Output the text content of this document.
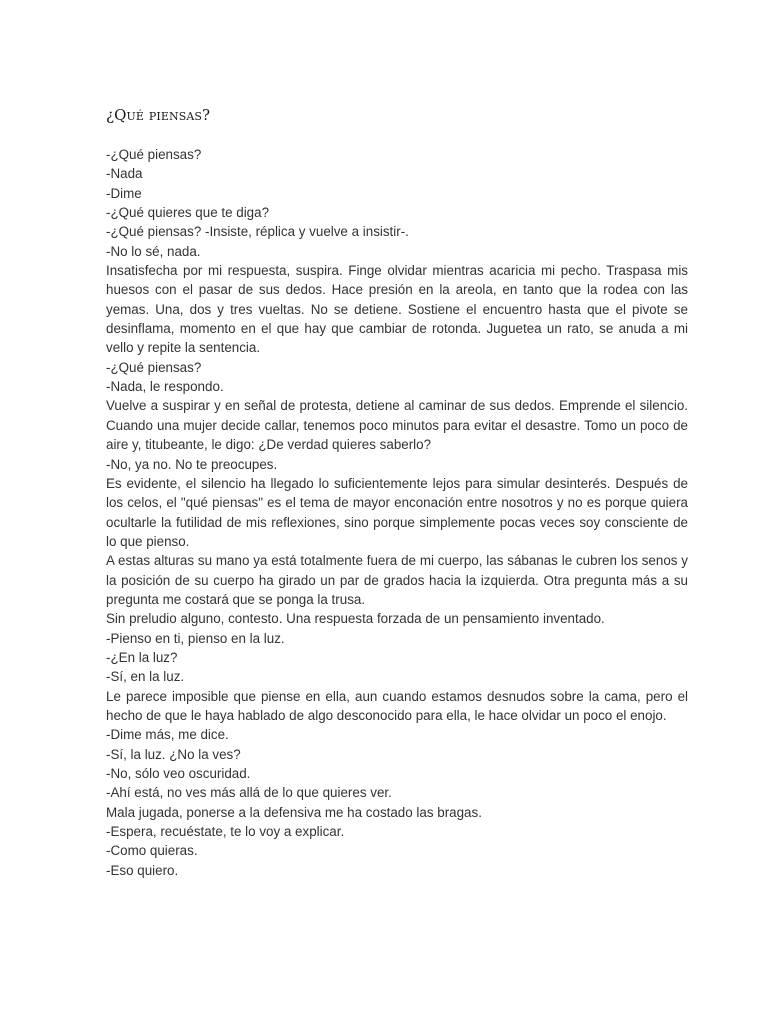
¿Qué piensas?

-¿Qué piensas?

-Nada

-Dime

-¿Qué quieres que te diga?

-¿Qué piensas? -Insiste, réplica y vuelve a insistir-.

-No lo sé, nada.

Insatisfecha por mi respuesta, suspira. Finge olvidar mientras acaricia mi pecho. Traspasa mis huesos con el pasar de sus dedos. Hace presión en la areola, en tanto que la rodea con las yemas. Una, dos y tres vueltas. No se detiene. Sostiene el encuentro hasta que el pivote se desinflama, momento en el que hay que cambiar de rotonda. Juguetea un rato, se anuda a mi vello y repite la sentencia.

-¿Qué piensas?

-Nada, le respondo.

Vuelve a suspirar y en señal de protesta, detiene al caminar de sus dedos. Emprende el silencio. Cuando una mujer decide callar, tenemos poco minutos para evitar el desastre. Tomo un poco de aire y, titubeante, le digo: ¿De verdad quieres saberlo?

-No, ya no. No te preocupes.

Es evidente, el silencio ha llegado lo suficientemente lejos para simular desinterés. Después de los celos, el "qué piensas" es el tema de mayor enconación entre nosotros y no es porque quiera ocultarle la futilidad de mis reflexiones, sino porque simplemente pocas veces soy consciente de lo que pienso.

A estas alturas su mano ya está totalmente fuera de mi cuerpo, las sábanas le cubren los senos y la posición de su cuerpo ha girado un par de grados hacia la izquierda. Otra pregunta más a su pregunta me costará que se ponga la trusa.

Sin preludio alguno, contesto. Una respuesta forzada de un pensamiento inventado.

-Pienso en ti, pienso en la luz.

-¿En la luz?

-Sí, en la luz.

Le parece imposible que piense en ella, aun cuando estamos desnudos sobre la cama, pero el hecho de que le haya hablado de algo desconocido para ella, le hace olvidar un poco el enojo.

-Dime más, me dice.

-Sí, la luz. ¿No la ves?

-No, sólo veo oscuridad.

-Ahí está, no ves más allá de lo que quieres ver.

Mala jugada, ponerse a la defensiva me ha costado las bragas.

-Espera, recuéstate, te lo voy a explicar.

-Como quieras.

-Eso quiero.
